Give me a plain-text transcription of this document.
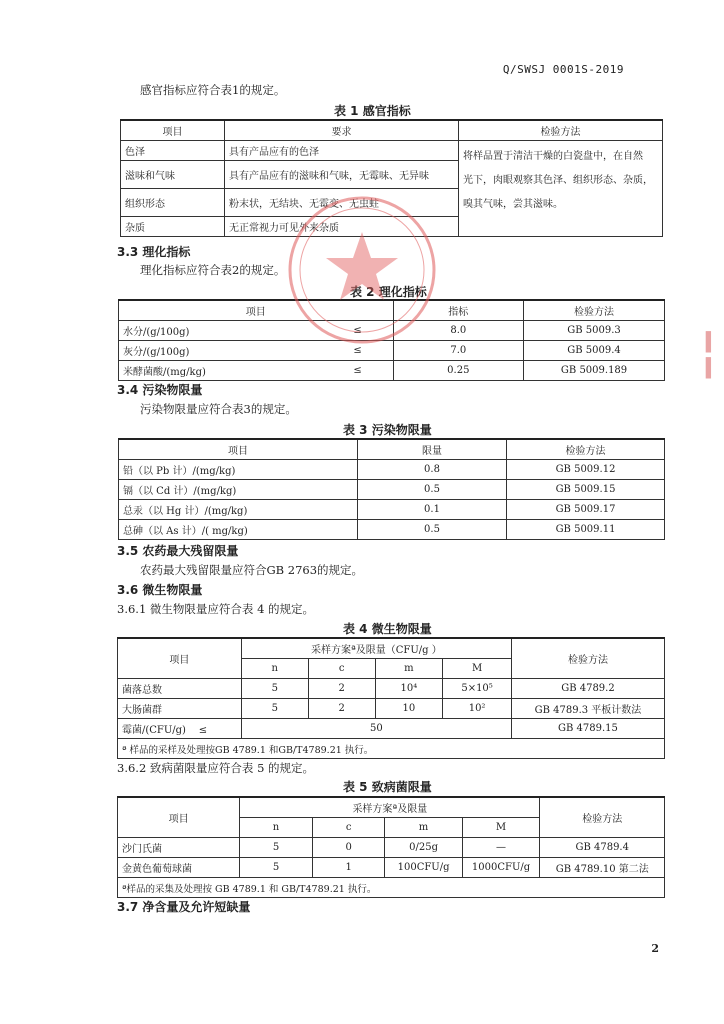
Q/SWSJ 0001S-2019
感官指标应符合表1的规定。
表 1 感官指标
项目	要求	检验方法
色泽	具有产品应有的色泽	将样品置于清洁干燥的白瓷盘中，在自然
光下，肉眼观察其色泽、组织形态、杂质，
嗅其气味，尝其滋味。

滋味和气味	具有产品应有的滋味和气味，无霉味、无异味	
组织形态	粉末状，无结块、无霉变、无虫蛀	
杂质	无正常视力可见外来杂质	
3.3 理化指标
理化指标应符合表2的规定。
表 2 理化指标
项目		指标	检验方法
水分/(g/100g)	≤	8.0	GB 5009.3
灰分/(g/100g)	≤	7.0	GB 5009.4
米酵菌酸/(mg/kg)	≤	0.25	GB 5009.189
3.4 污染物限量
污染物限量应符合表3的规定。
表 3 污染物限量
项目	限量	检验方法
铅（以 Pb 计）/(mg/kg)	0.8	GB 5009.12
镉（以 Cd 计）/(mg/kg)	0.5	GB 5009.15
总汞（以 Hg 计）/(mg/kg)	0.1	GB 5009.17
总砷（以 As 计）/( mg/kg)	0.5	GB 5009.11
3.5 农药最大残留限量
农药最大残留限量应符合GB 2763的规定。
3.6 微生物限量
3.6.1 微生物限量应符合表 4 的规定。
表 4 微生物限量
项目	采样方案ª及限量（CFU/g ）				检验方法
	n	c	m	M	
菌落总数	5	2	10⁴	5×10⁵	GB 4789.2
大肠菌群	5	2	10	10²	GB 4789.3 平板计数法
霉菌/(CFU/g) ≤	50				GB 4789.15
ª 样品的采样及处理按GB 4789.1 和GB/T4789.21 执行。					
3.6.2 致病菌限量应符合表 5 的规定。
表 5 致病菌限量
项目	采样方案ª及限量				检验方法
	n	c	m	M	
沙门氏菌	5	0	0/25g	—	GB 4789.4
金黄色葡萄球菌	5	1	100CFU/g	1000CFU/g	GB 4789.10 第二法
ª样品的采集及处理按 GB 4789.1 和 GB/T4789.21 执行。					
3.7 净含量及允许短缺量
2
▍
▍
